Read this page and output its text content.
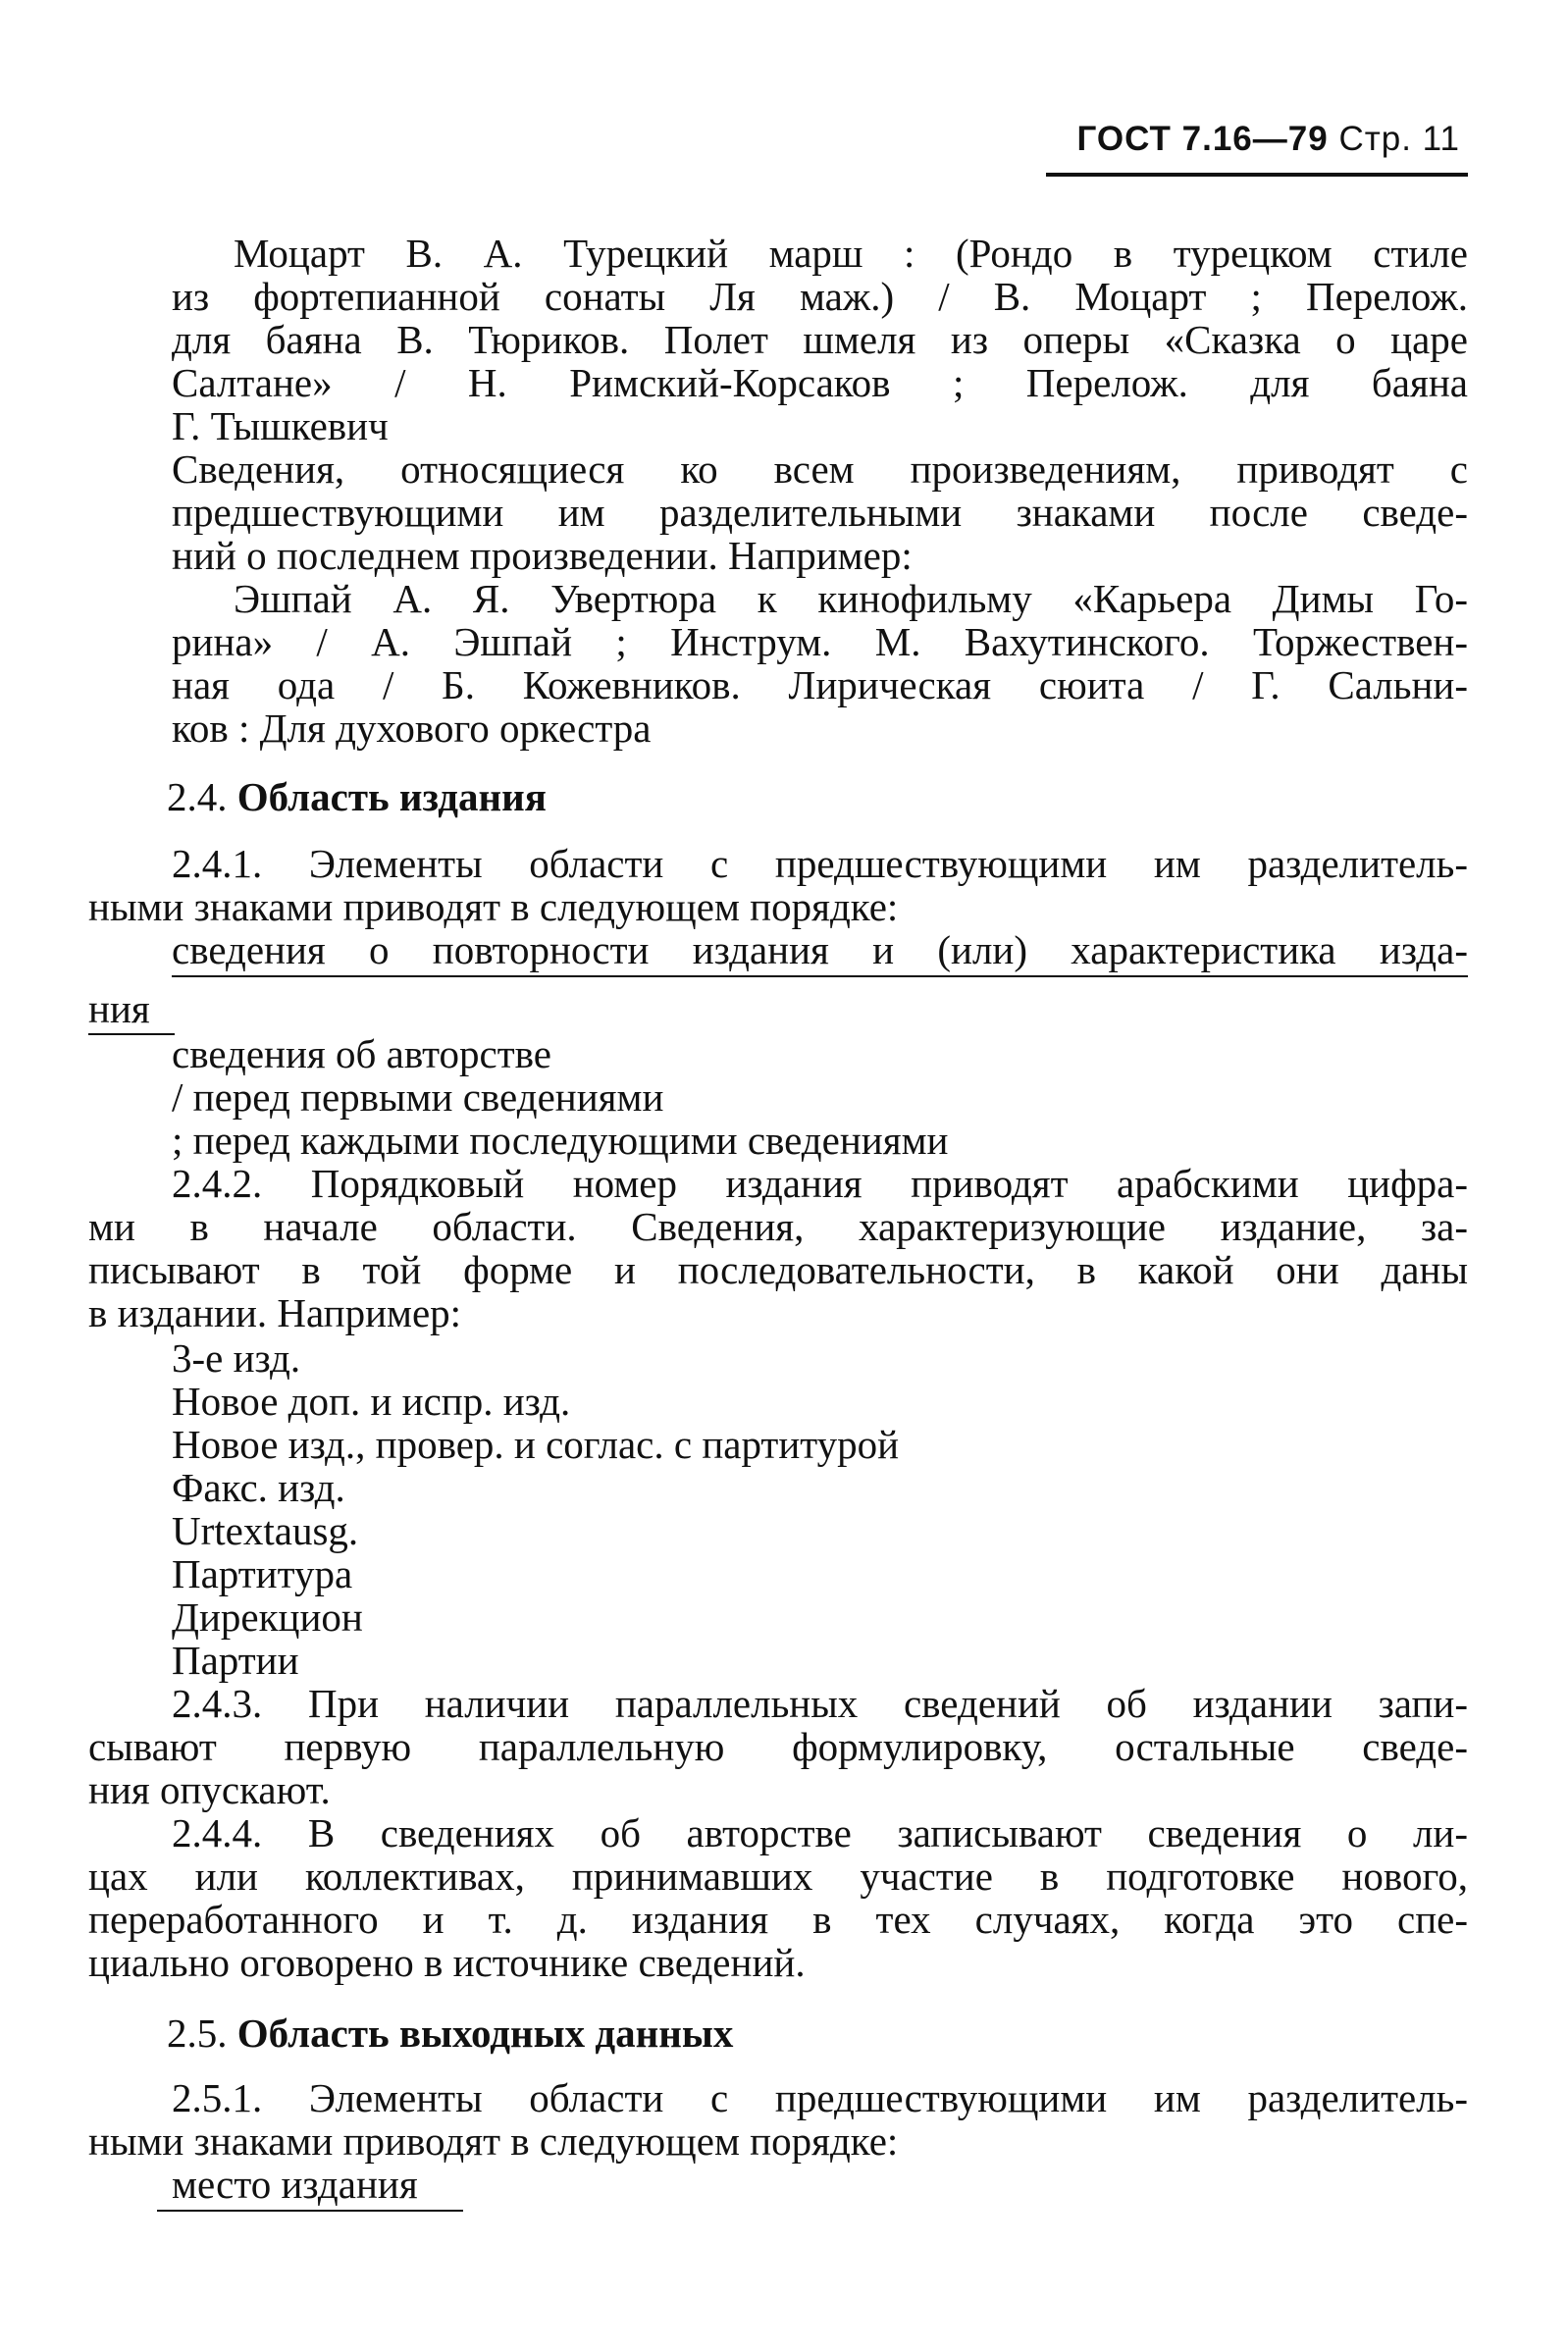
ГОСТ 7.16—79 Стр. 11
Моцарт В. А. Турецкий марш : (Рондо в турецком стиле
из фортепианной сонаты Ля маж.) / В. Моцарт ; Перелож.
для баяна В. Тюриков. Полет шмеля из оперы «Сказка о царе
Салтане» / Н. Римский-Корсаков ; Перелож. для баяна
Г. Тышкевич
Сведения, относящиеся ко всем произведениям, приводят с
предшествующими им разделительными знаками после сведе-
ний о последнем произведении. Например:
Эшпай А. Я. Увертюра к кинофильму «Карьера Димы Го-
рина» / А. Эшпай ; Инструм. М. Вахутинского. Торжествен-
ная ода / Б. Кожевников. Лирическая сюита / Г. Сальни-
ков : Для духового оркестра
2.4. Область издания
2.4.1. Элементы области с предшествующими им разделитель-
ными знаками приводят в следующем порядке:
сведения о повторности издания и (или) характеристика изда-
ния
сведения об авторстве
/ перед первыми сведениями
; перед каждыми последующими сведениями
2.4.2. Порядковый номер издания приводят арабскими цифра-
ми в начале области. Сведения, характеризующие издание, за-
писывают в той форме и последовательности, в какой они даны
в издании. Например:
3-е изд.
Новое доп. и испр. изд.
Новое изд., провер. и соглас. с партитурой
Факс. изд.
Urtextausg.
Партитура
Дирекцион
Партии
2.4.3. При наличии параллельных сведений об издании запи-
сывают первую параллельную формулировку, остальные сведе-
ния опускают.
2.4.4. В сведениях об авторстве записывают сведения о ли-
цах или коллективах, принимавших участие в подготовке нового,
переработанного и т. д. издания в тех случаях, когда это спе-
циально оговорено в источнике сведений.
2.5. Область выходных данных
2.5.1. Элементы области с предшествующими им разделитель-
ными знаками приводят в следующем порядке:
место издания
